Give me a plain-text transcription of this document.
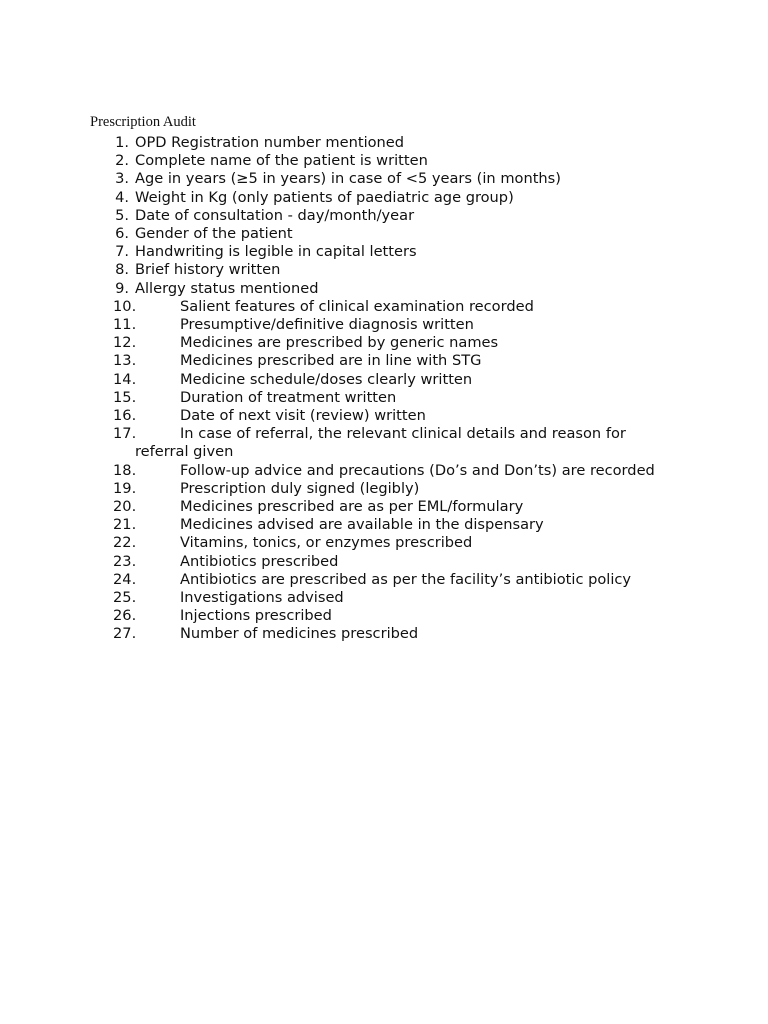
Prescription Audit
1. OPD Registration number mentioned
2. Complete name of the patient is written
3. Age in years (≥5 in years) in case of <5 years (in months)
4. Weight in Kg (only patients of paediatric age group)
5. Date of consultation - day/month/year
6. Gender of the patient
7. Handwriting is legible in capital letters
8. Brief history written
9. Allergy status mentioned
10.	Salient features of clinical examination recorded
11.	Presumptive/definitive diagnosis written
12.	Medicines are prescribed by generic names
13.	Medicines prescribed are in line with STG
14.	Medicine schedule/doses clearly written
15.	Duration of treatment written
16.	Date of next visit (review) written
17.	In case of referral, the relevant clinical details and reason for referral given
18.	Follow-up advice and precautions (Do’s and Don’ts) are recorded
19.	Prescription duly signed (legibly)
20.	Medicines prescribed are as per EML/formulary
21.	Medicines advised are available in the dispensary
22.	Vitamins, tonics, or enzymes prescribed
23.	Antibiotics prescribed
24.	Antibiotics are prescribed as per the facility’s antibiotic policy
25.	Investigations advised
26.	Injections prescribed
27.	Number of medicines prescribed
